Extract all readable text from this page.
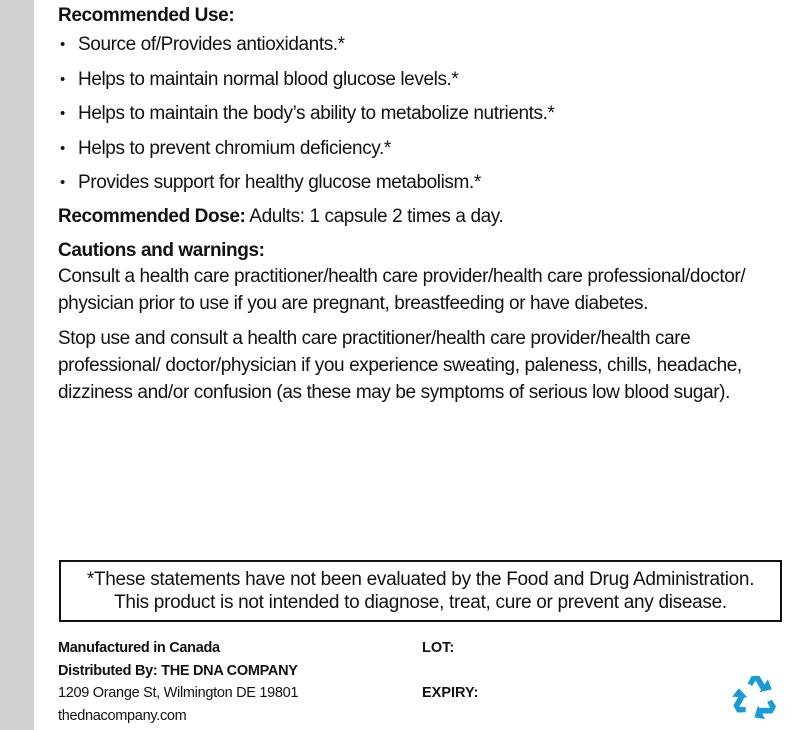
Recommended Use:
• Source of/Provides antioxidants.*
• Helps to maintain normal blood glucose levels.*
• Helps to maintain the body’s ability to metabolize nutrients.*
• Helps to prevent chromium deficiency.*
• Provides support for healthy glucose metabolism.*
Recommended Dose: Adults: 1 capsule 2 times a day.
Cautions and warnings:

Consult a health care practitioner/health care provider/health care professional/doctor/ physician prior to use if you are pregnant, breastfeeding or have diabetes.

Stop use and consult a health care practitioner/health care provider/health care professional/ doctor/physician if you experience sweating, paleness, chills, headache, dizziness and/or confusion (as these may be symptoms of serious low blood sugar).

*These statements have not been evaluated by the Food and Drug Administration.
This product is not intended to diagnose, treat, cure or prevent any disease.
Manufactured in Canada
Distributed By: THE DNA COMPANY
1209 Orange St, Wilmington DE 19801
thednacompany.com
LOT:
EXPIRY:
